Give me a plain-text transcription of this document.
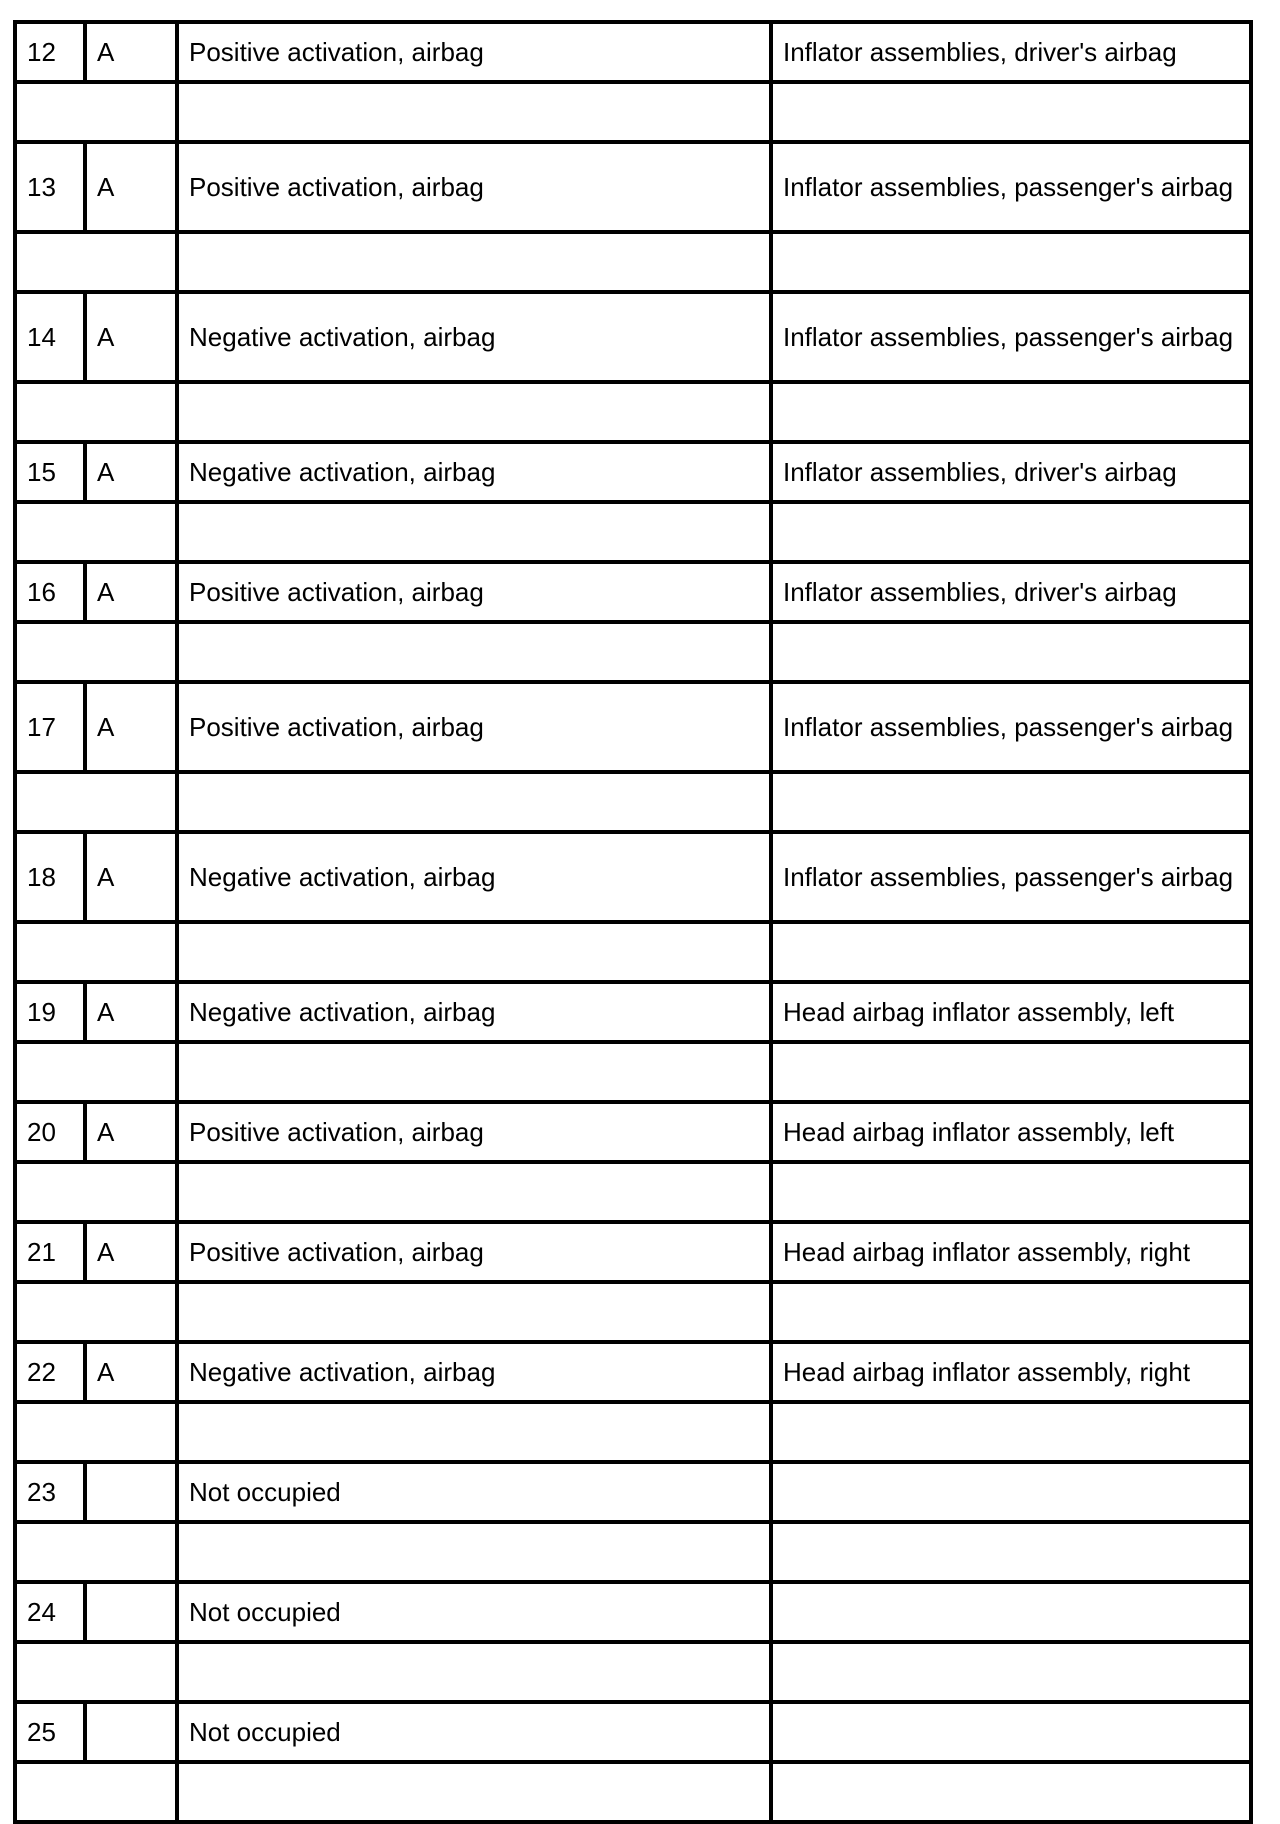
12	A	Positive activation, airbag	Inflator assemblies, driver's airbag

13	A	Positive activation, airbag	Inflator assemblies, passenger's airbag

14	A	Negative activation, airbag	Inflator assemblies, passenger's airbag

15	A	Negative activation, airbag	Inflator assemblies, driver's airbag

16	A	Positive activation, airbag	Inflator assemblies, driver's airbag

17	A	Positive activation, airbag	Inflator assemblies, passenger's airbag

18	A	Negative activation, airbag	Inflator assemblies, passenger's airbag

19	A	Negative activation, airbag	Head airbag inflator assembly, left

20	A	Positive activation, airbag	Head airbag inflator assembly, left

21	A	Positive activation, airbag	Head airbag inflator assembly, right

22	A	Negative activation, airbag	Head airbag inflator assembly, right

23		Not occupied	

24		Not occupied	

25		Not occupied	
